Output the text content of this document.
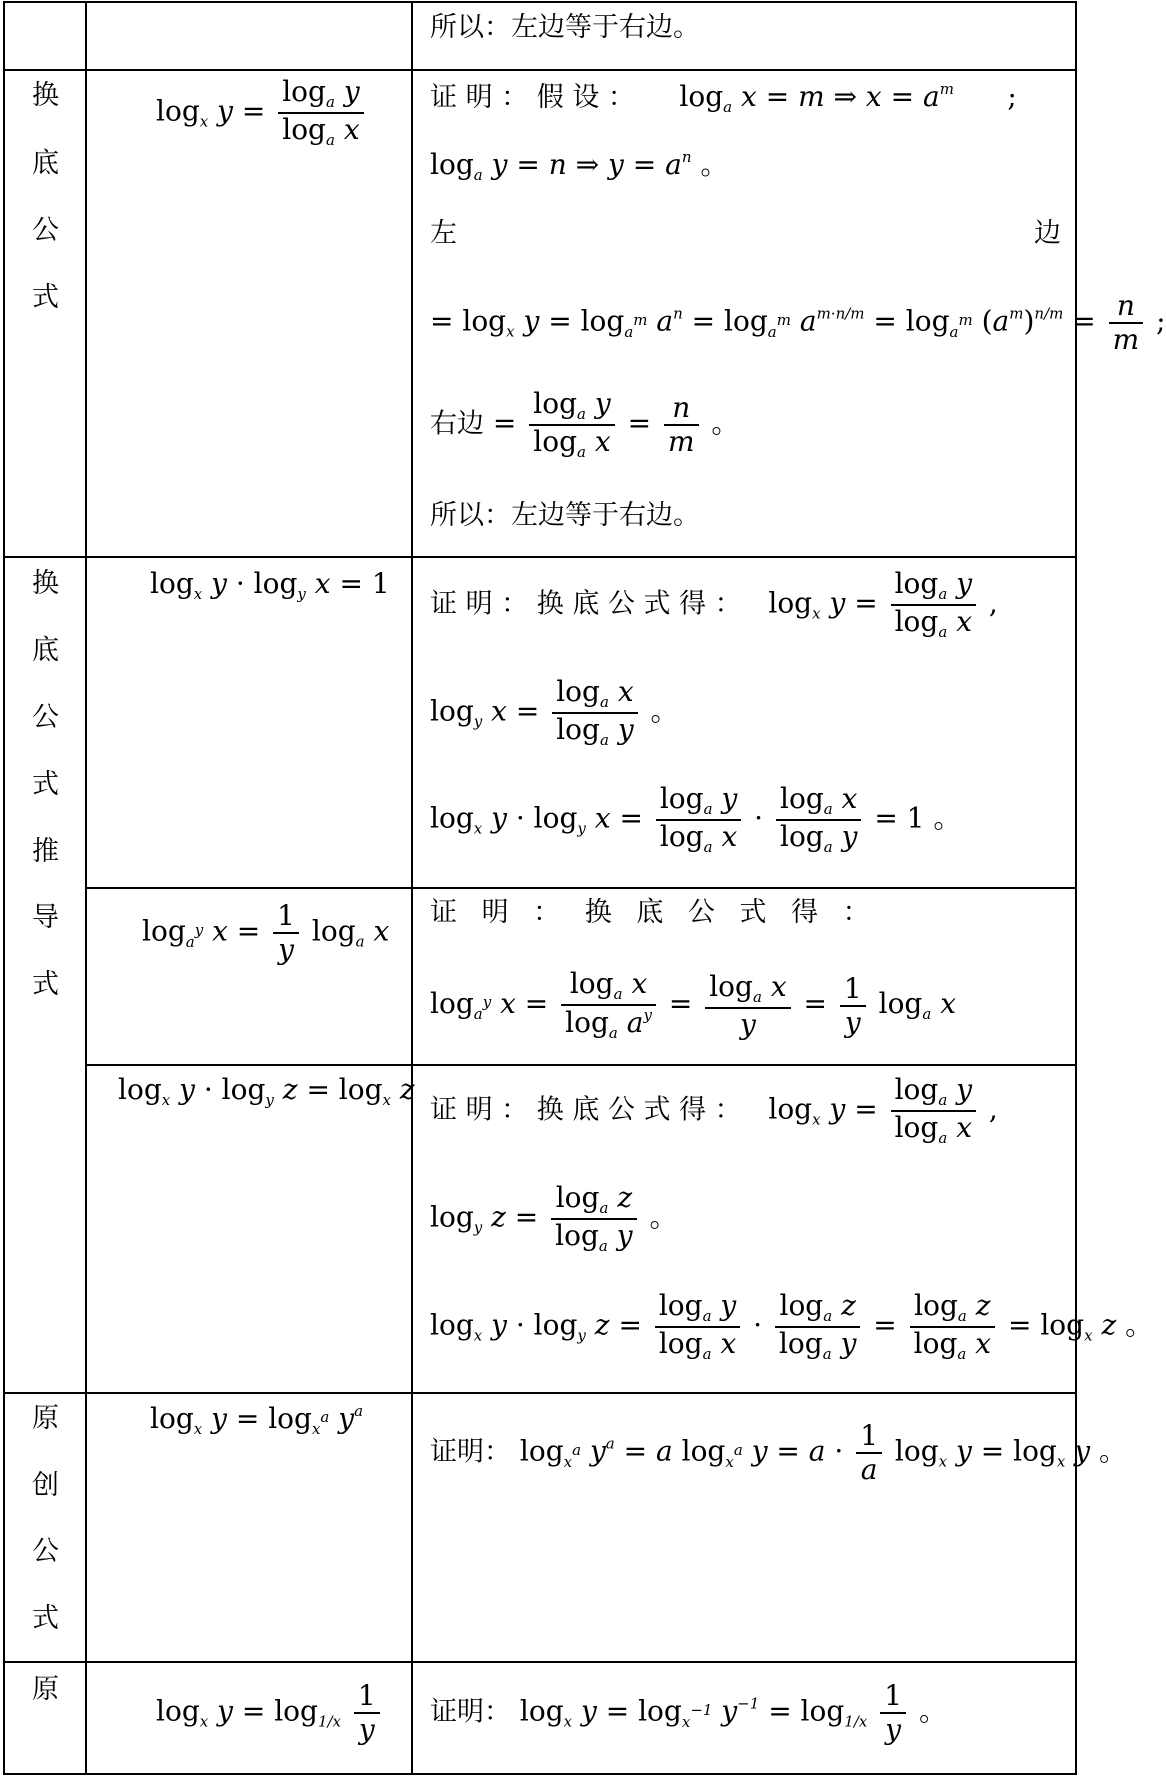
所以：左边等于右边。
换
底
公
式
$\log_x y = \frac{\log_a y}{\log_a x}$ 证 明 ： 假 设 ：     $\log_a x = m$ ⇒ $x = a^m$      ;
$\log_a y = n$ ⇒ $y = a^n$ 。
左	边
= $\log_x y = \log_{a^m} a^n = \log_{a^m} a^{m\cdot n/m} = \log_{a^m} (a^m)^{n/m} = \frac{n}{m}$ ;
右边 = $\frac{\log_a y}{\log_a x} = \frac{n}{m}$ 。
所以：左边等于右边。
换
底
公
式
推
导
式
$\log_x y \cdot \log_y x = 1$
证 明 ： 换 底 公 式 得 ：   $\log_x y = \frac{\log_a y}{\log_a x}$ ,
$\log_y x = \frac{\log_a x}{\log_a y}$ 。
$\log_x y \cdot \log_y x = \frac{\log_a y}{\log_a x} \cdot \frac{\log_a x}{\log_a y} = 1$ 。
$\log_{a^y} x = \frac{1}{y} \log_a x$
证 明 ： 换 底 公 式 得 ：
$\log_{a^y} x = \frac{\log_a x}{\log_a a^y} = \frac{\log_a x}{y} = \frac{1}{y} \log_a x$
$\log_x y \cdot \log_y z = \log_x z$
证 明 ： 换 底 公 式 得 ：   $\log_x y = \frac{\log_a y}{\log_a x}$ ,
$\log_y z = \frac{\log_a z}{\log_a y}$ 。
$\log_x y \cdot \log_y z = \frac{\log_a y}{\log_a x} \cdot \frac{\log_a z}{\log_a y} = \frac{\log_a z}{\log_a x} = \log_x z$ 。
原
创
公
式
$\log_x y = \log_{x^a} y^a$
证明： $\log_{x^a} y^a = a$ $\log_{x^a} y = a \cdot \frac{1}{a} \log_x y = \log_x y$ 。
原
$\log_x y = \log_{1/x} \frac{1}{y}$ 证明： $\log_x y = \log_{x^{-1}} y^{-1} = \log_{1/x} \frac{1}{y}$ 。
